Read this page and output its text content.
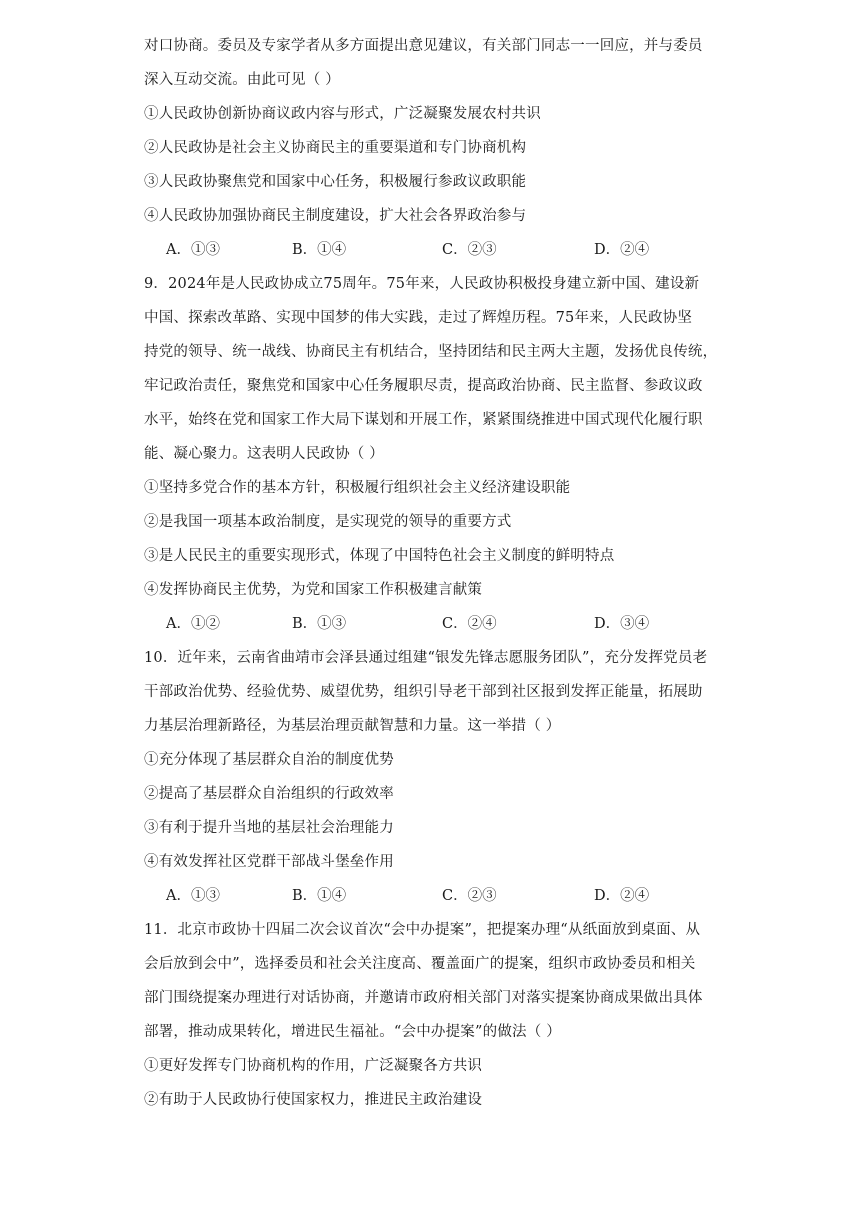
对口协商。委员及专家学者从多方面提出意见建议，有关部门同志一一回应，并与委员
深入互动交流。由此可见（ ）
①人民政协创新协商议政内容与形式，广泛凝聚发展农村共识
②人民政协是社会主义协商民主的重要渠道和专门协商机构
③人民政协聚焦党和国家中心任务，积极履行参政议政职能
④人民政协加强协商民主制度建设，扩大社会各界政治参与
A．①③	B．①④	C．②③	D．②④
9．2024年是人民政协成立75周年。75年来，人民政协积极投身建立新中国、建设新
中国、探索改革路、实现中国梦的伟大实践，走过了辉煌历程。75年来，人民政协坚
持党的领导、统一战线、协商民主有机结合，坚持团结和民主两大主题，发扬优良传统，
牢记政治责任，聚焦党和国家中心任务履职尽责，提高政治协商、民主监督、参政议政
水平，始终在党和国家工作大局下谋划和开展工作，紧紧围绕推进中国式现代化履行职
能、凝心聚力。这表明人民政协（ ）
①坚持多党合作的基本方针，积极履行组织社会主义经济建设职能
②是我国一项基本政治制度，是实现党的领导的重要方式
③是人民民主的重要实现形式，体现了中国特色社会主义制度的鲜明特点
④发挥协商民主优势，为党和国家工作积极建言献策
A．①②	B．①③	C．②④	D．③④
10．近年来，云南省曲靖市会泽县通过组建“银发先锋志愿服务团队”，充分发挥党员老
干部政治优势、经验优势、威望优势，组织引导老干部到社区报到发挥正能量，拓展助
力基层治理新路径，为基层治理贡献智慧和力量。这一举措（ ）
①充分体现了基层群众自治的制度优势
②提高了基层群众自治组织的行政效率
③有利于提升当地的基层社会治理能力
④有效发挥社区党群干部战斗堡垒作用
A．①③	B．①④	C．②③	D．②④
11．北京市政协十四届二次会议首次“会中办提案”，把提案办理“从纸面放到桌面、从
会后放到会中”，选择委员和社会关注度高、覆盖面广的提案，组织市政协委员和相关
部门围绕提案办理进行对话协商，并邀请市政府相关部门对落实提案协商成果做出具体
部署，推动成果转化，增进民生福祉。“会中办提案”的做法（ ）
①更好发挥专门协商机构的作用，广泛凝聚各方共识
②有助于人民政协行使国家权力，推进民主政治建设
